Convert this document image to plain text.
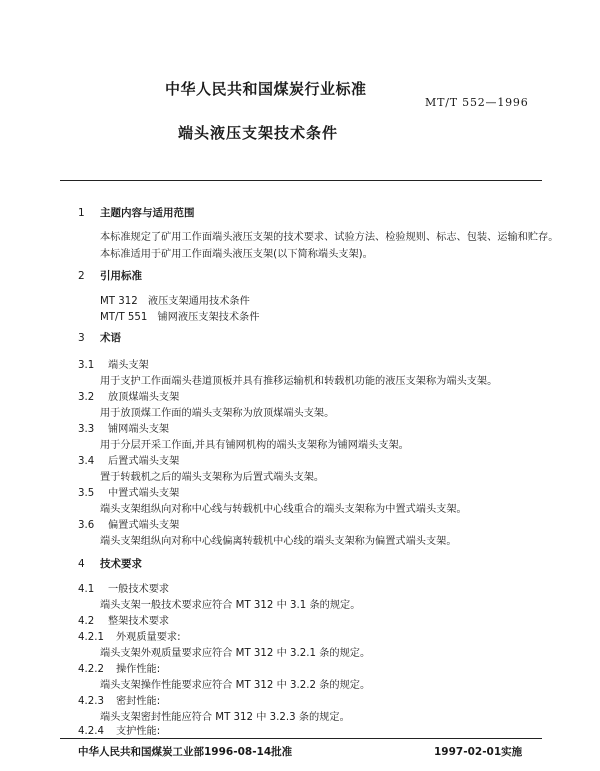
中华人民共和国煤炭行业标准
MT/T 552—1996
端头液压支架技术条件
1 主题内容与适用范围
本标准规定了矿用工作面端头液压支架的技术要求、试验方法、检验规则、标志、包装、运输和贮存。
本标准适用于矿用工作面端头液压支架(以下简称端头支架)。
2 引用标准
MT 312　液压支架通用技术条件
MT/T 551　铺网液压支架技术条件
3 术语
3.1 端头支架
用于支护工作面端头巷道顶板并具有推移运输机和转载机功能的液压支架称为端头支架。
3.2 放顶煤端头支架
用于放顶煤工作面的端头支架称为放顶煤端头支架。
3.3 铺网端头支架
用于分层开采工作面,并具有铺网机构的端头支架称为铺网端头支架。
3.4 后置式端头支架
置于转载机之后的端头支架称为后置式端头支架。
3.5 中置式端头支架
端头支架组纵向对称中心线与转载机中心线重合的端头支架称为中置式端头支架。
3.6 偏置式端头支架
端头支架组纵向对称中心线偏离转载机中心线的端头支架称为偏置式端头支架。
4 技术要求
4.1 一般技术要求
端头支架一般技术要求应符合 MT 312 中 3.1 条的规定。
4.2 整架技术要求
4.2.1 外观质量要求:
端头支架外观质量要求应符合 MT 312 中 3.2.1 条的规定。
4.2.2 操作性能:
端头支架操作性能要求应符合 MT 312 中 3.2.2 条的规定。
4.2.3 密封性能:
端头支架密封性能应符合 MT 312 中 3.2.3 条的规定。
4.2.4 支护性能:
中华人民共和国煤炭工业部1996-08-14批准	1997-02-01实施
